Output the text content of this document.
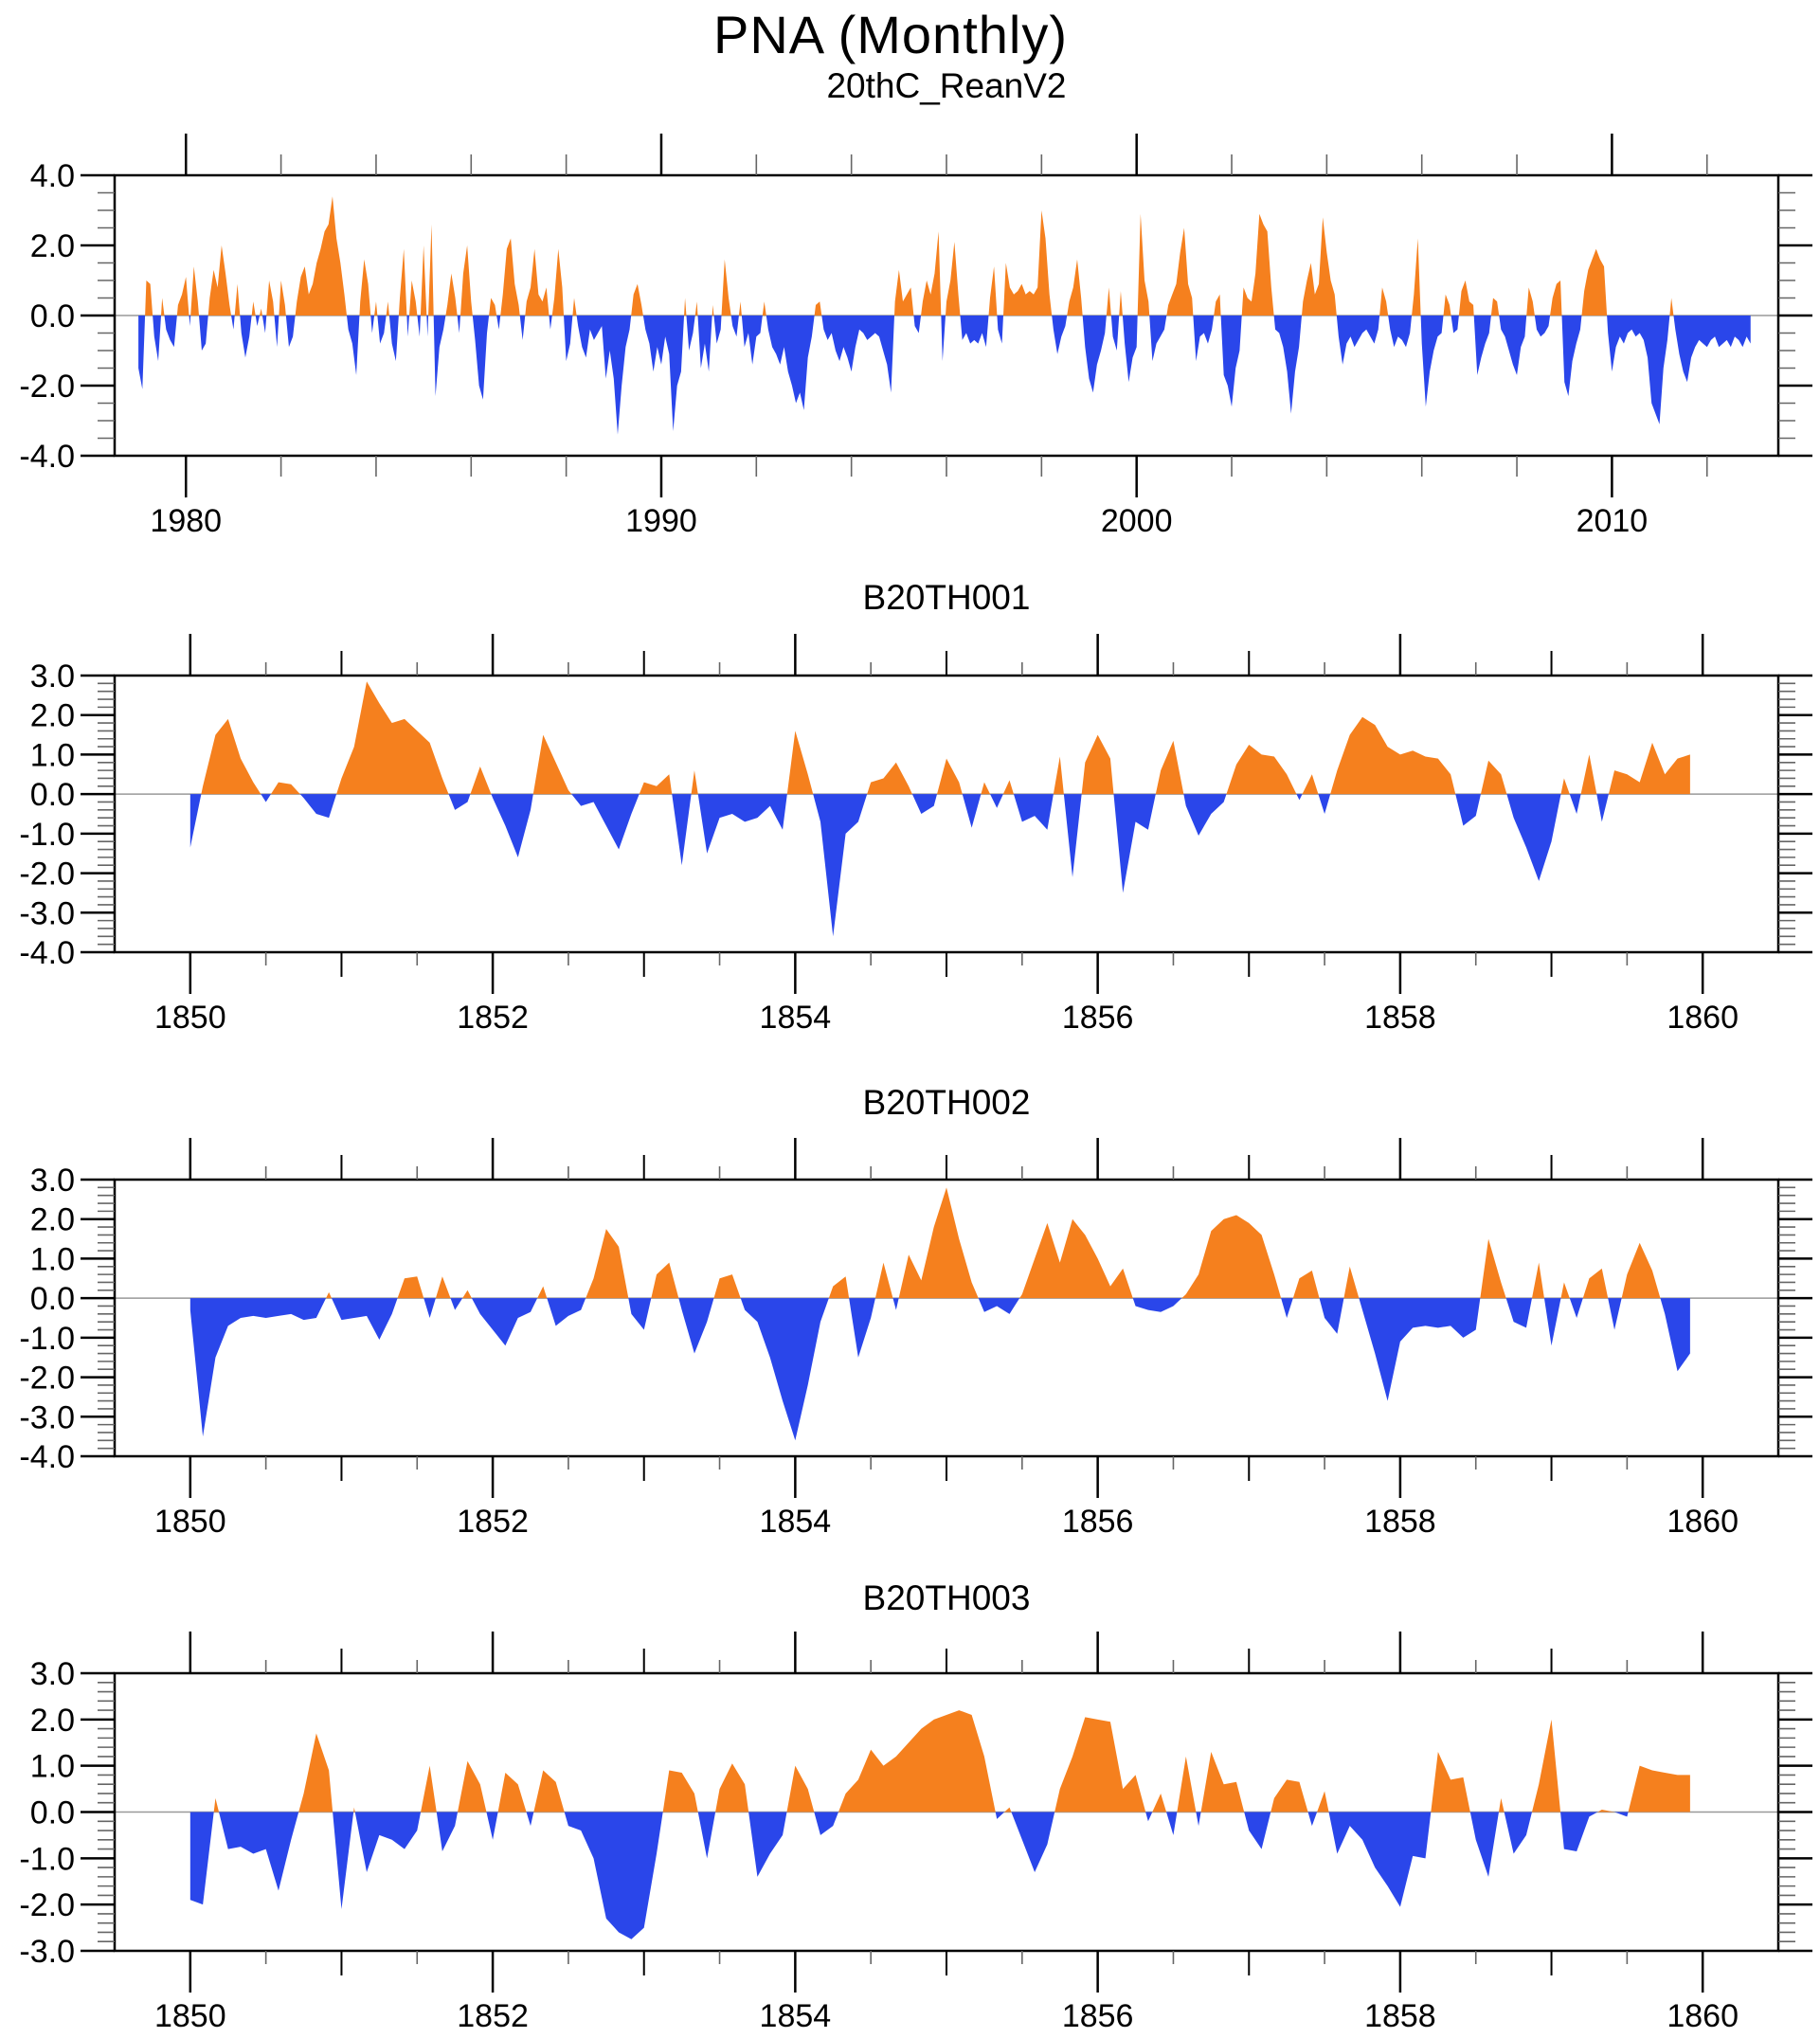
PNA (Monthly)
20thC_ReanV2
B20TH001
B20TH002
B20TH003
4.0
2.0
0.0
-2.0
-4.0
1980	1990	2000	2010
3.0
2.0
1.0
0.0
-1.0
-2.0
-3.0
-4.0
1850	1852	1854	1856	1858	1860
3.0
2.0
1.0
0.0
-1.0
-2.0
-3.0
-4.0
1850	1852	1854	1856	1858	1860
3.0
2.0
1.0
0.0
-1.0
-2.0
-3.0
1850	1852	1854	1856	1858	1860
